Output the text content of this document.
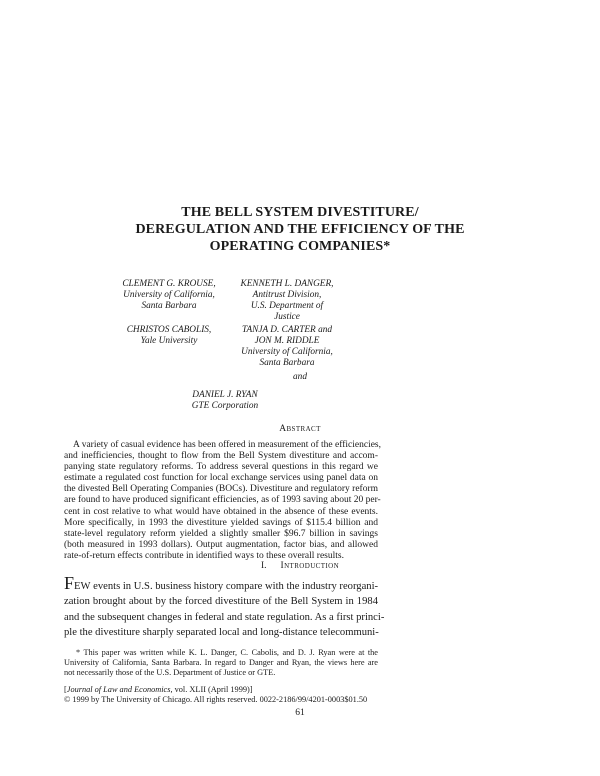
THE BELL SYSTEM DIVESTITURE/
DEREGULATION AND THE EFFICIENCY OF THE
OPERATING COMPANIES*
CLEMENT G. KROUSE,
University of California,
Santa Barbara
KENNETH L. DANGER,
Antitrust Division,
U.S. Department of
Justice
CHRISTOS CABOLIS,
Yale University
TANJA D. CARTER and
JON M. RIDDLE
University of California,
Santa Barbara
and
DANIEL J. RYAN
GTE Corporation
Abstract
A variety of casual evidence has been offered in measurement of the efficiencies,
and inefficiencies, thought to flow from the Bell System divestiture and accom-
panying state regulatory reforms. To address several questions in this regard we
estimate a regulated cost function for local exchange services using panel data on
the divested Bell Operating Companies (BOCs). Divestiture and regulatory reform
are found to have produced significant efficiencies, as of 1993 saving about 20 per-
cent in cost relative to what would have obtained in the absence of these events.
More specifically, in 1993 the divestiture yielded savings of $115.4 billion and
state-level regulatory reform yielded a slightly smaller $96.7 billion in savings
(both measured in 1993 dollars). Output augmentation, factor bias, and allowed
rate-of-return effects contribute in identified ways to these overall results.
I. Introduction
FEW events in U.S. business history compare with the industry reorgani-
zation brought about by the forced divestiture of the Bell System in 1984
and the subsequent changes in federal and state regulation. As a first princi-
ple the divestiture sharply separated local and long-distance telecommuni-
* This paper was written while K. L. Danger, C. Cabolis, and D. J. Ryan were at the
University of California, Santa Barbara. In regard to Danger and Ryan, the views here are
not necessarily those of the U.S. Department of Justice or GTE.
[Journal of Law and Economics, vol. XLII (April 1999)]
© 1999 by The University of Chicago. All rights reserved. 0022-2186/99/4201-0003$01.50
61
